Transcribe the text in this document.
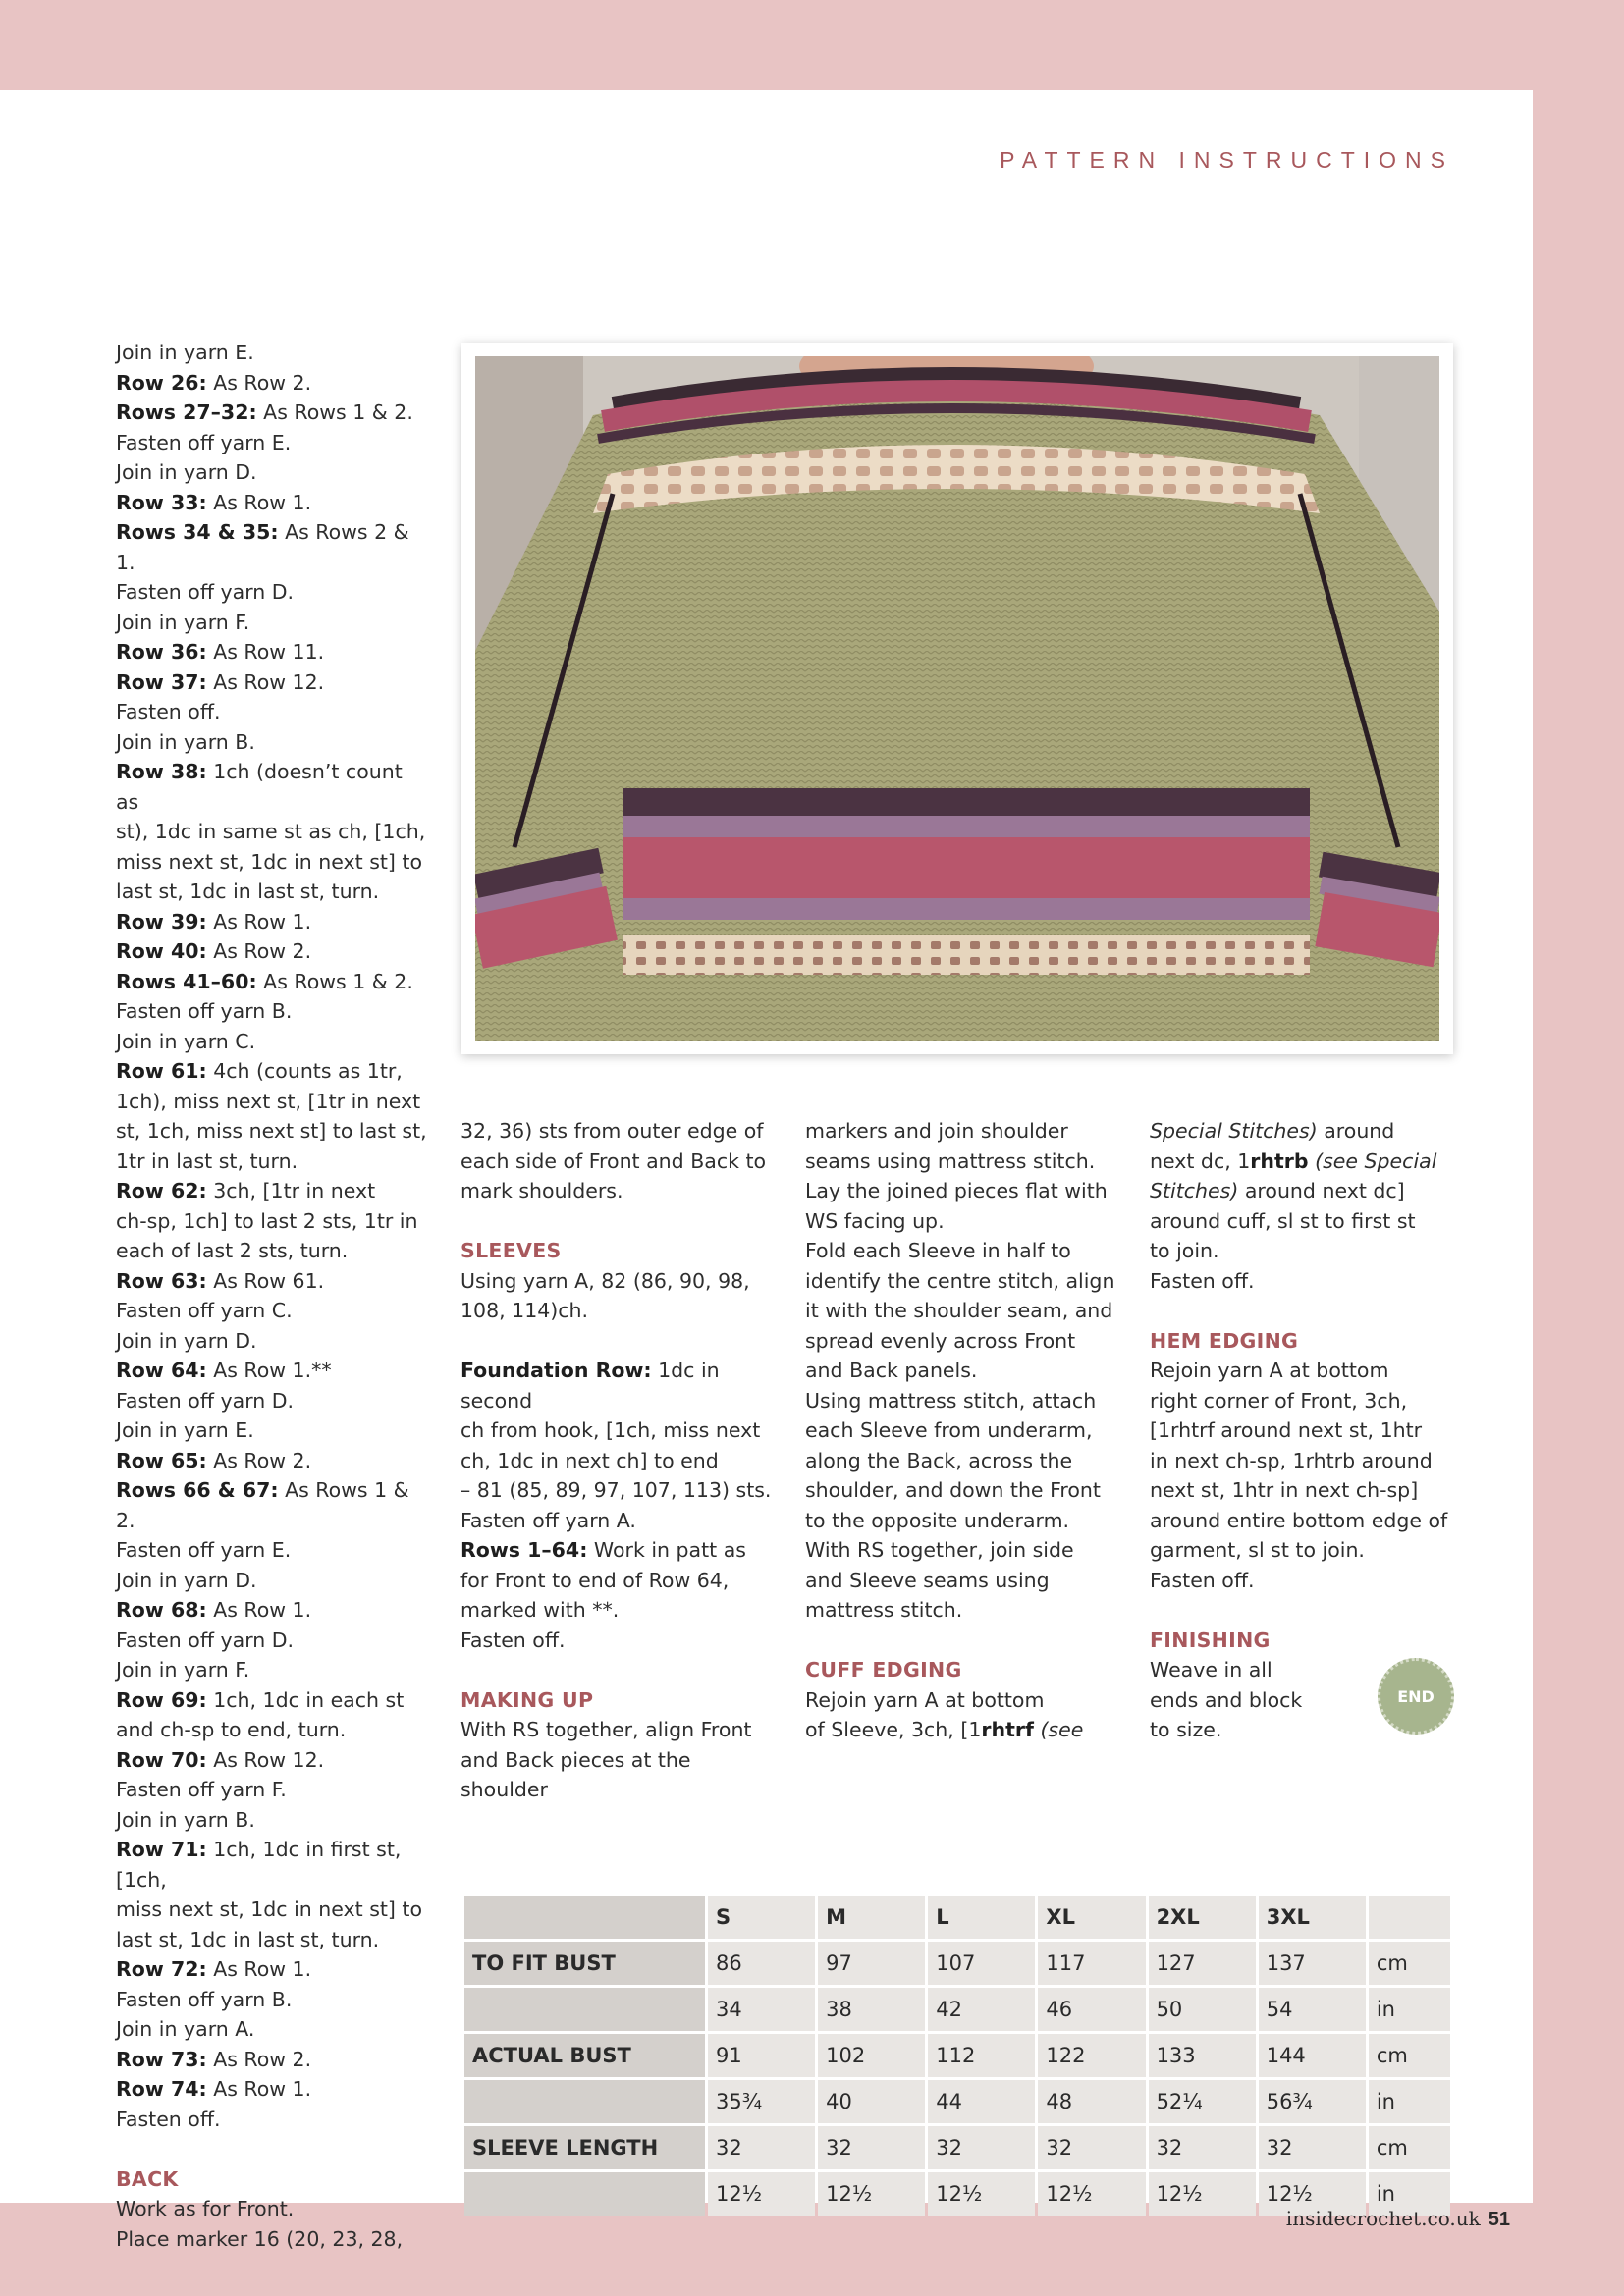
PATTERN INSTRUCTIONS

Join in yarn E.

Row 26: As Row 2.

Rows 27–32: As Rows 1 & 2.

Fasten off yarn E.

Join in yarn D.

Row 33: As Row 1.

Rows 34 & 35: As Rows 2 & 1.

Fasten off yarn D.

Join in yarn F.

Row 36: As Row 11.

Row 37: As Row 12.

Fasten off.

Join in yarn B.

Row 38: 1ch (doesn’t count as
st), 1dc in same st as ch, [1ch,
miss next st, 1dc in next st] to
last st, 1dc in last st, turn.

Row 39: As Row 1.

Row 40: As Row 2.

Rows 41–60: As Rows 1 & 2.

Fasten off yarn B.

Join in yarn C.

Row 61: 4ch (counts as 1tr,
1ch), miss next st, [1tr in next
st, 1ch, miss next st] to last st,
1tr in last st, turn.

Row 62: 3ch, [1tr in next
ch-sp, 1ch] to last 2 sts, 1tr in
each of last 2 sts, turn.

Row 63: As Row 61.

Fasten off yarn C.

Join in yarn D.

Row 64: As Row 1.**

Fasten off yarn D.

Join in yarn E.

Row 65: As Row 2.

Rows 66 & 67: As Rows 1 & 2.

Fasten off yarn E.

Join in yarn D.

Row 68: As Row 1.

Fasten off yarn D.

Join in yarn F.

Row 69: 1ch, 1dc in each st
and ch-sp to end, turn.

Row 70: As Row 12.

Fasten off yarn F.

Join in yarn B.

Row 71: 1ch, 1dc in first st, [1ch,
miss next st, 1dc in next st] to
last st, 1dc in last st, turn.

Row 72: As Row 1.

Fasten off yarn B.

Join in yarn A.

Row 73: As Row 2.

Row 74: As Row 1.

Fasten off.

BACK

Work as for Front.
Place marker 16 (20, 23, 28,

32, 36) sts from outer edge of
each side of Front and Back to
mark shoulders.

SLEEVES

Using yarn A, 82 (86, 90, 98,
108, 114)ch.

Foundation Row: 1dc in second
ch from hook, [1ch, miss next
ch, 1dc in next ch] to end
– 81 (85, 89, 97, 107, 113) sts.
Fasten off yarn A.

Rows 1–64: Work in patt as
for Front to end of Row 64,
marked with **.
Fasten off.

MAKING UP

With RS together, align Front
and Back pieces at the shoulder

markers and join shoulder
seams using mattress stitch.
Lay the joined pieces flat with
WS facing up.
Fold each Sleeve in half to
identify the centre stitch, align
it with the shoulder seam, and
spread evenly across Front
and Back panels.
Using mattress stitch, attach
each Sleeve from underarm,
along the Back, across the
shoulder, and down the Front
to the opposite underarm.
With RS together, join side
and Sleeve seams using
mattress stitch.

CUFF EDGING

Rejoin yarn A at bottom
of Sleeve, 3ch, [1rhtrf (see

Special Stitches) around
next dc, 1rhtrb (see Special
Stitches) around next dc]
around cuff, sl st to first st
to join.
Fasten off.

HEM EDGING

Rejoin yarn A at bottom
right corner of Front, 3ch,
[1rhtrf around next st, 1htr
in next ch-sp, 1rhtrb around
next st, 1htr in next ch-sp]
around entire bottom edge of
garment, sl st to join.
Fasten off.

FINISHING

Weave in all
ends and block
to size.

END
	S	M	L	XL	2XL	3XL	
TO FIT BUST	86	97	107	117	127	137	cm
	34	38	42	46	50	54	in
ACTUAL BUST	91	102	112	122	133	144	cm
	35¾	40	44	48	52¼	56¾	in
SLEEVE LENGTH	32	32	32	32	32	32	cm
	12½	12½	12½	12½	12½	12½	in
insidecrochet.co.uk 51
